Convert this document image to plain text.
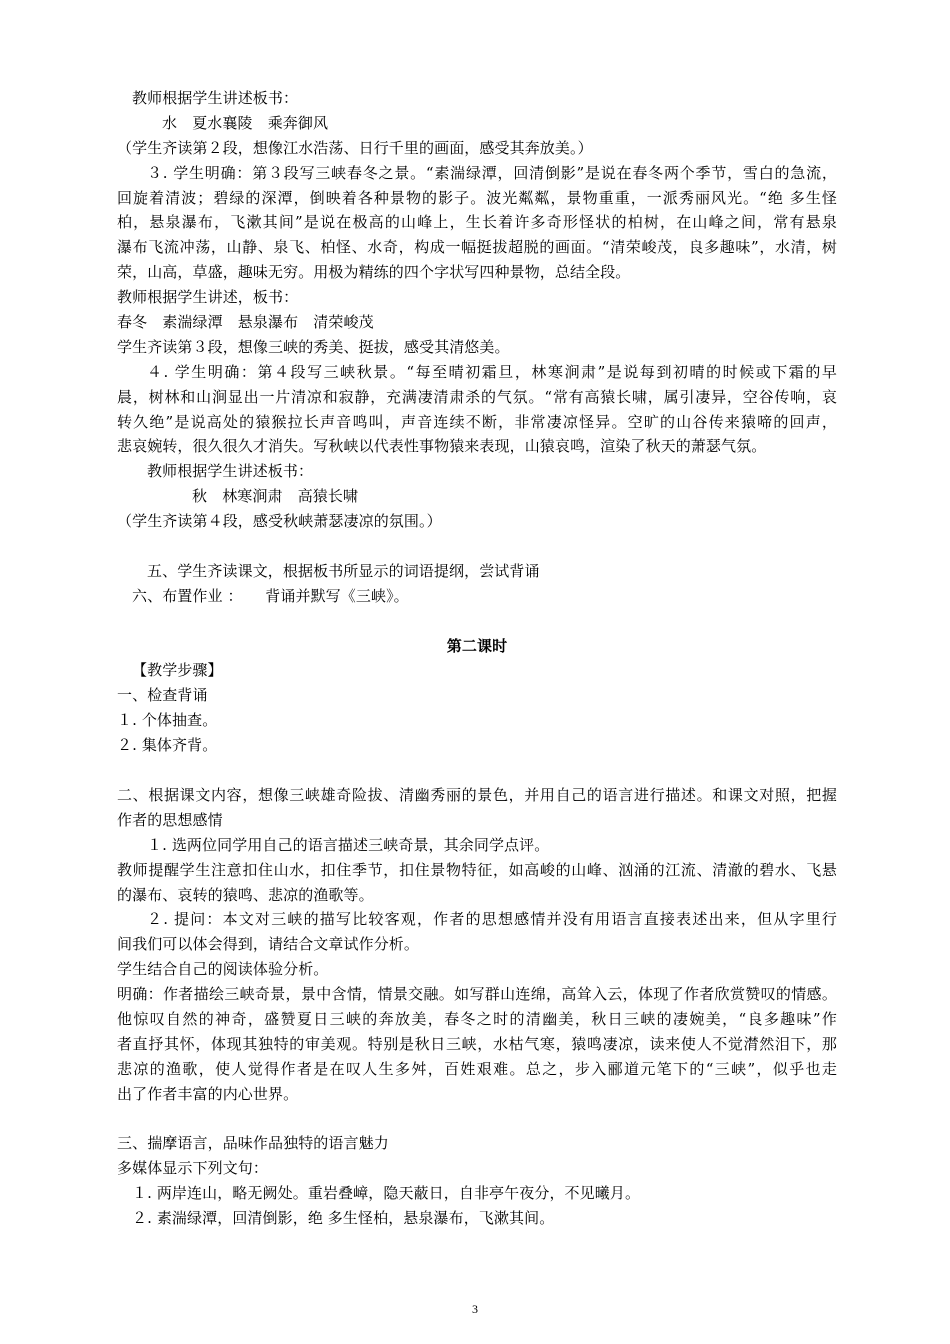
教师根据学生讲述板书：
水　夏水襄陵　乘奔御风
（学生齐读第２段，想像江水浩荡、日行千里的画面，感受其奔放美。）
３. 学生明确：第３段写三峡春冬之景。“素湍绿潭，回清倒影”是说在春冬两个季节，雪白的急流，
回旋着清波；碧绿的深潭，倒映着各种景物的影子。波光粼粼，景物重重，一派秀丽风光。“绝 多生怪
柏，悬泉瀑布，飞漱其间”是说在极高的山峰上，生长着许多奇形怪状的柏树，在山峰之间，常有悬泉
瀑布飞流冲荡，山静、泉飞、柏怪、水奇，构成一幅挺拔超脱的画面。“清荣峻茂，良多趣味”，水清，树
荣，山高，草盛，趣味无穷。用极为精练的四个字状写四种景物，总结全段。
教师根据学生讲述，板书：
春冬　素湍绿潭　悬泉瀑布　清荣峻茂
学生齐读第３段，想像三峡的秀美、挺拔，感受其清悠美。
４. 学生明确：第４段写三峡秋景。“每至晴初霜旦，林寒涧肃”是说每到初晴的时候或下霜的早
晨，树林和山涧显出一片清凉和寂静，充满凄清肃杀的气氛。“常有高猿长啸，属引凄异，空谷传响，哀
转久绝”是说高处的猿猴拉长声音鸣叫，声音连续不断，非常凄凉怪异。空旷的山谷传来猿啼的回声，
悲哀婉转，很久很久才消失。写秋峡以代表性事物猿来表现，山猿哀鸣，渲染了秋天的萧瑟气氛。
教师根据学生讲述板书：
秋　林寒涧肃　高猿长啸
（学生齐读第４段，感受秋峡萧瑟凄凉的氛围。）
五、学生齐读课文，根据板书所显示的词语提纲，尝试背诵
六、布置作业 ：　　背诵并默写《三峡》。
第二课时
【教学步骤】
一、检查背诵
１. 个体抽查。
２. 集体齐背。
二、根据课文内容，想像三峡雄奇险拔、清幽秀丽的景色，并用自己的语言进行描述。和课文对照，把握
作者的思想感情
１. 选两位同学用自己的语言描述三峡奇景，其余同学点评。
教师提醒学生注意扣住山水，扣住季节，扣住景物特征，如高峻的山峰、汹涌的江流、清澈的碧水、飞悬
的瀑布、哀转的猿鸣、悲凉的渔歌等。
２. 提问：本文对三峡的描写比较客观，作者的思想感情并没有用语言直接表述出来，但从字里行
间我们可以体会得到，请结合文章试作分析。
学生结合自己的阅读体验分析。
明确：作者描绘三峡奇景，景中含情，情景交融。如写群山连绵，高耸入云，体现了作者欣赏赞叹的情感。
他惊叹自然的神奇，盛赞夏日三峡的奔放美，春冬之时的清幽美，秋日三峡的凄婉美，“良多趣味”作
者直抒其怀，体现其独特的审美观。特别是秋日三峡，水枯气寒，猿鸣凄凉，读来使人不觉潸然泪下，那
悲凉的渔歌，使人觉得作者是在叹人生多舛，百姓艰难。总之，步入郦道元笔下的“三峡”，似乎也走
出了作者丰富的内心世界。
三、揣摩语言，品味作品独特的语言魅力
多媒体显示下列文句：
１. 两岸连山，略无阙处。重岩叠嶂，隐天蔽日，自非亭午夜分，不见曦月。
２. 素湍绿潭，回清倒影，绝 多生怪柏，悬泉瀑布，飞漱其间。
3
